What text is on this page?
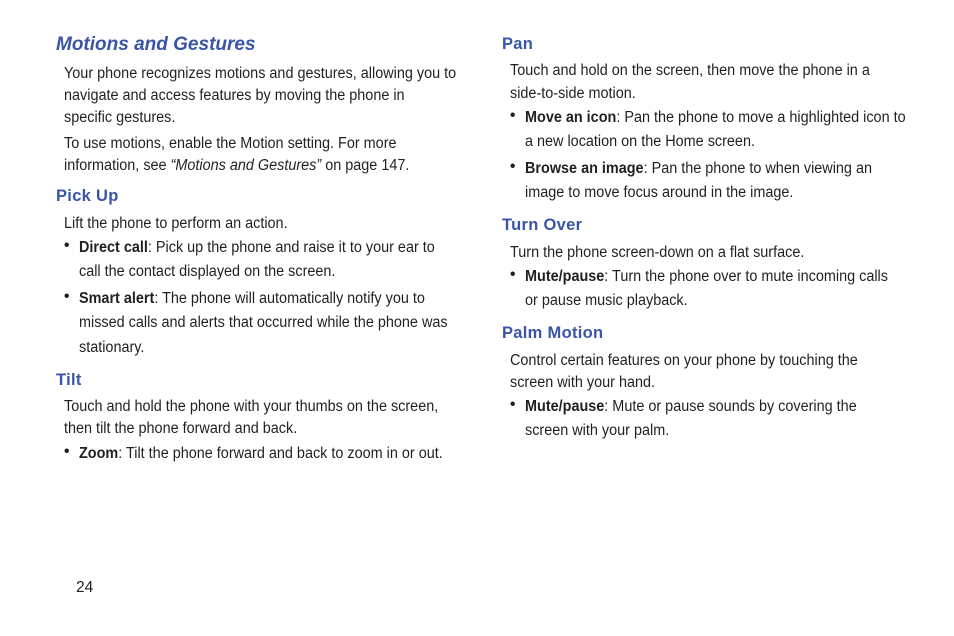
Motions and Gestures
Your phone recognizes motions and gestures, allowing you to
navigate and access features by moving the phone in
specific gestures.
To use motions, enable the Motion setting. For more
information, see “Motions and Gestures” on page 147.
Pick Up
Lift the phone to perform an action.
• Direct call: Pick up the phone and raise it to your ear to
call the contact displayed on the screen.
• Smart alert: The phone will automatically notify you to
missed calls and alerts that occurred while the phone was
stationary.
Tilt
Touch and hold the phone with your thumbs on the screen,
then tilt the phone forward and back.
• Zoom: Tilt the phone forward and back to zoom in or out.
Pan
Touch and hold on the screen, then move the phone in a
side-to-side motion.
• Move an icon: Pan the phone to move a highlighted icon to
a new location on the Home screen.
• Browse an image: Pan the phone to when viewing an
image to move focus around in the image.
Turn Over
Turn the phone screen-down on a flat surface.
• Mute/pause: Turn the phone over to mute incoming calls
or pause music playback.
Palm Motion
Control certain features on your phone by touching the
screen with your hand.
• Mute/pause: Mute or pause sounds by covering the
screen with your palm.
24
